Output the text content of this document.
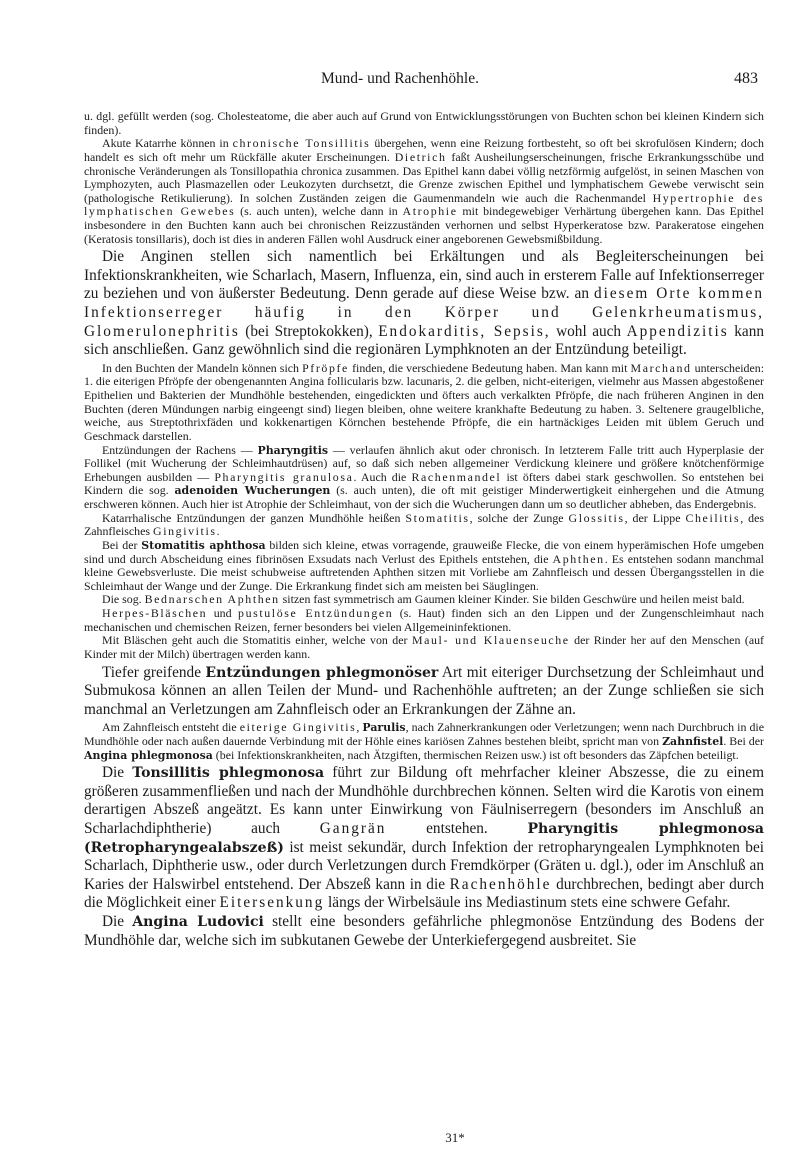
Mund- und Rachenhöhle.	483

u. dgl. gefüllt werden (sog. Cholesteatome, die aber auch auf Grund von Entwicklungsstörungen von Buchten schon bei kleinen Kindern sich finden).

Akute Katarrhe können in chronische Tonsillitis übergehen, wenn eine Reizung fortbesteht, so oft bei skrofulösen Kindern; doch handelt es sich oft mehr um Rückfälle akuter Erscheinungen. Dietrich faßt Ausheilungserscheinungen, frische Erkrankungsschübe und chronische Veränderungen als Tonsillopathia chronica zusammen. Das Epithel kann dabei völlig netzförmig aufgelöst, in seinen Maschen von Lymphozyten, auch Plasmazellen oder Leukozyten durchsetzt, die Grenze zwischen Epithel und lymphatischem Gewebe verwischt sein (pathologische Retikulierung). In solchen Zuständen zeigen die Gaumenmandeln wie auch die Rachenmandel Hypertrophie des lymphatischen Gewebes (s. auch unten), welche dann in Atrophie mit bindegewebiger Verhärtung übergehen kann. Das Epithel insbesondere in den Buchten kann auch bei chronischen Reizzuständen verhornen und selbst Hyperkeratose bzw. Parakeratose eingehen (Keratosis tonsillaris), doch ist dies in anderen Fällen wohl Ausdruck einer angeborenen Gewebsmißbildung.

Die Anginen stellen sich namentlich bei Erkältungen und als Begleiterscheinungen bei Infektionskrankheiten, wie Scharlach, Masern, Influenza, ein, sind auch in ersterem Falle auf Infektionserreger zu beziehen und von äußerster Bedeutung. Denn gerade auf diese Weise bzw. an diesem Orte kommen Infektionserreger häufig in den Körper und Gelenkrheumatismus, Glomerulonephritis (bei Streptokokken), Endokarditis, Sepsis, wohl auch Appendizitis kann sich anschließen. Ganz gewöhnlich sind die regionären Lymphknoten an der Entzündung beteiligt.

In den Buchten der Mandeln können sich Pfröpfe finden, die verschiedene Bedeutung haben. Man kann mit Marchand unterscheiden: 1. die eiterigen Pfröpfe der obengenannten Angina follicularis bzw. lacunaris, 2. die gelben, nicht-eiterigen, vielmehr aus Massen abgestoßener Epithelien und Bakterien der Mundhöhle bestehenden, eingedickten und öfters auch verkalkten Pfröpfe, die nach früheren Anginen in den Buchten (deren Mündungen narbig eingeengt sind) liegen bleiben, ohne weitere krankhafte Bedeutung zu haben. 3. Seltenere graugelbliche, weiche, aus Streptothrixfäden und kokkenartigen Körnchen bestehende Pfröpfe, die ein hartnäckiges Leiden mit üblem Geruch und Geschmack darstellen.

Entzündungen der Rachens — Pharyngitis — verlaufen ähnlich akut oder chronisch. In letzterem Falle tritt auch Hyperplasie der Follikel (mit Wucherung der Schleimhautdrüsen) auf, so daß sich neben allgemeiner Verdickung kleinere und größere knötchenförmige Erhebungen ausbilden — Pharyngitis granulosa. Auch die Rachenmandel ist öfters dabei stark geschwollen. So entstehen bei Kindern die sog. adenoiden Wucherungen (s. auch unten), die oft mit geistiger Minderwertigkeit einhergehen und die Atmung erschweren können. Auch hier ist Atrophie der Schleimhaut, von der sich die Wucherungen dann um so deutlicher abheben, das Endergebnis.

Katarrhalische Entzündungen der ganzen Mundhöhle heißen Stomatitis, solche der Zunge Glossitis, der Lippe Cheilitis, des Zahnfleisches Gingivitis.

Bei der Stomatitis aphthosa bilden sich kleine, etwas vorragende, grauweiße Flecke, die von einem hyperämischen Hofe umgeben sind und durch Abscheidung eines fibrinösen Exsudats nach Verlust des Epithels entstehen, die Aphthen. Es entstehen sodann manchmal kleine Gewebsverluste. Die meist schubweise auftretenden Aphthen sitzen mit Vorliebe am Zahnfleisch und dessen Übergangsstellen in die Schleimhaut der Wange und der Zunge. Die Erkrankung findet sich am meisten bei Säuglingen.

Die sog. Bednarschen Aphthen sitzen fast symmetrisch am Gaumen kleiner Kinder. Sie bilden Geschwüre und heilen meist bald.

Herpes-Bläschen und pustulöse Entzündungen (s. Haut) finden sich an den Lippen und der Zungenschleimhaut nach mechanischen und chemischen Reizen, ferner besonders bei vielen Allgemeininfektionen.

Mit Bläschen geht auch die Stomatitis einher, welche von der Maul- und Klauenseuche der Rinder her auf den Menschen (auf Kinder mit der Milch) übertragen werden kann.

Tiefer greifende Entzündungen phlegmonöser Art mit eiteriger Durchsetzung der Schleimhaut und Submukosa können an allen Teilen der Mund- und Rachenhöhle auftreten; an der Zunge schließen sie sich manchmal an Verletzungen am Zahnfleisch oder an Erkrankungen der Zähne an.

Am Zahnfleisch entsteht die eiterige Gingivitis, Parulis, nach Zahnerkrankungen oder Verletzungen; wenn nach Durchbruch in die Mundhöhle oder nach außen dauernde Verbindung mit der Höhle eines kariösen Zahnes bestehen bleibt, spricht man von Zahnfistel. Bei der Angina phlegmonosa (bei Infektionskrankheiten, nach Ätzgiften, thermischen Reizen usw.) ist oft besonders das Zäpfchen beteiligt.

Die Tonsillitis phlegmonosa führt zur Bildung oft mehrfacher kleiner Abszesse, die zu einem größeren zusammenfließen und nach der Mundhöhle durchbrechen können. Selten wird die Karotis von einem derartigen Abszeß angeätzt. Es kann unter Einwirkung von Fäulniserregern (besonders im Anschluß an Scharlachdiphtherie) auch Gangrän entstehen. Pharyngitis phlegmonosa (Retropharyngealabszeß) ist meist sekundär, durch Infektion der retropharyngealen Lymphknoten bei Scharlach, Diphtherie usw., oder durch Verletzungen durch Fremdkörper (Gräten u. dgl.), oder im Anschluß an Karies der Halswirbel entstehend. Der Abszeß kann in die Rachenhöhle durchbrechen, bedingt aber durch die Möglichkeit einer Eitersenkung längs der Wirbelsäule ins Mediastinum stets eine schwere Gefahr.

Die Angina Ludovici stellt eine besonders gefährliche phlegmonöse Entzündung des Bodens der Mundhöhle dar, welche sich im subkutanen Gewebe der Unterkiefergegend ausbreitet. Sie

31*
